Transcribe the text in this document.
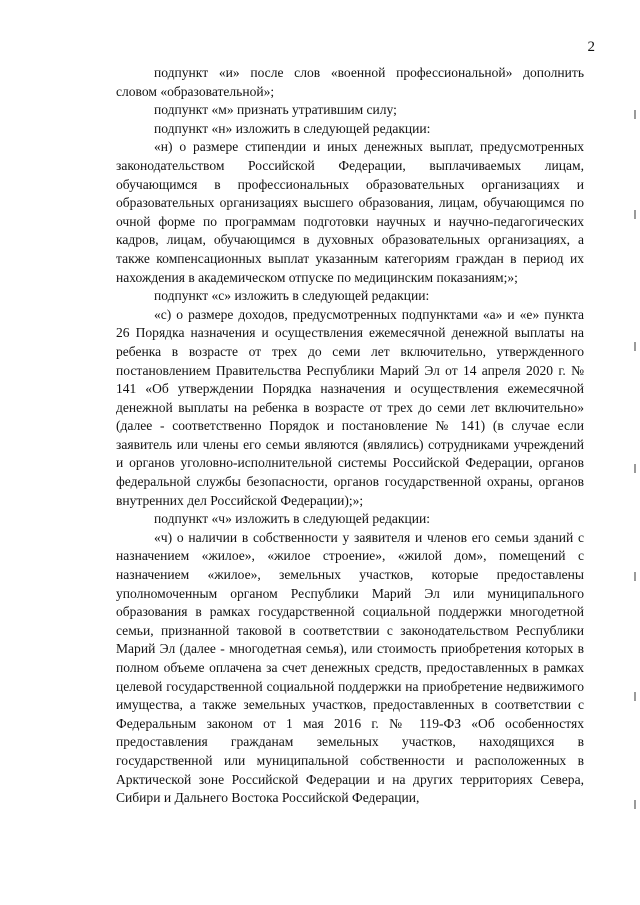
2

подпункт «и» после слов «военной профессиональной» дополнить словом «образовательной»;

подпункт «м» признать утратившим силу;

подпункт «н» изложить в следующей редакции:

«н) о размере стипендии и иных денежных выплат, предусмотренных законодательством Российской Федерации, выплачиваемых лицам, обучающимся в профессиональных образовательных организациях и образовательных организациях высшего образования, лицам, обучающимся по очной форме по программам подготовки научных и научно-педагогических кадров, лицам, обучающимся в духовных образовательных организациях, а также компенсационных выплат указанным категориям граждан в период их нахождения в академическом отпуске по медицинским показаниям;»;

подпункт «с» изложить в следующей редакции:

«с) о размере доходов, предусмотренных подпунктами «а» и «е» пункта 26 Порядка назначения и осуществления ежемесячной денежной выплаты на ребенка в возрасте от трех до семи лет включительно, утвержденного постановлением Правительства Республики Марий Эл от 14 апреля 2020 г. № 141 «Об утверждении Порядка назначения и осуществления ежемесячной денежной выплаты на ребенка в возрасте от трех до семи лет включительно» (далее - соответственно Порядок и постановление № 141) (в случае если заявитель или члены его семьи являются (являлись) сотрудниками учреждений и органов уголовно-исполнительной системы Российской Федерации, органов федеральной службы безопасности, органов государственной охраны, органов внутренних дел Российской Федерации);»;

подпункт «ч» изложить в следующей редакции:

«ч) о наличии в собственности у заявителя и членов его семьи зданий с назначением «жилое», «жилое строение», «жилой дом», помещений с назначением «жилое», земельных участков, которые предоставлены уполномоченным органом Республики Марий Эл или муниципального образования в рамках государственной социальной поддержки многодетной семьи, признанной таковой в соответствии с законодательством Республики Марий Эл (далее - многодетная семья), или стоимость приобретения которых в полном объеме оплачена за счет денежных средств, предоставленных в рамках целевой государственной социальной поддержки на приобретение недвижимого имущества, а также земельных участков, предоставленных в соответствии с Федеральным законом от 1 мая 2016 г. № 119-ФЗ «Об особенностях предоставления гражданам земельных участков, находящихся в государственной или муниципальной собственности и расположенных в Арктической зоне Российской Федерации и на других территориях Севера, Сибири и Дальнего Востока Российской Федерации,
